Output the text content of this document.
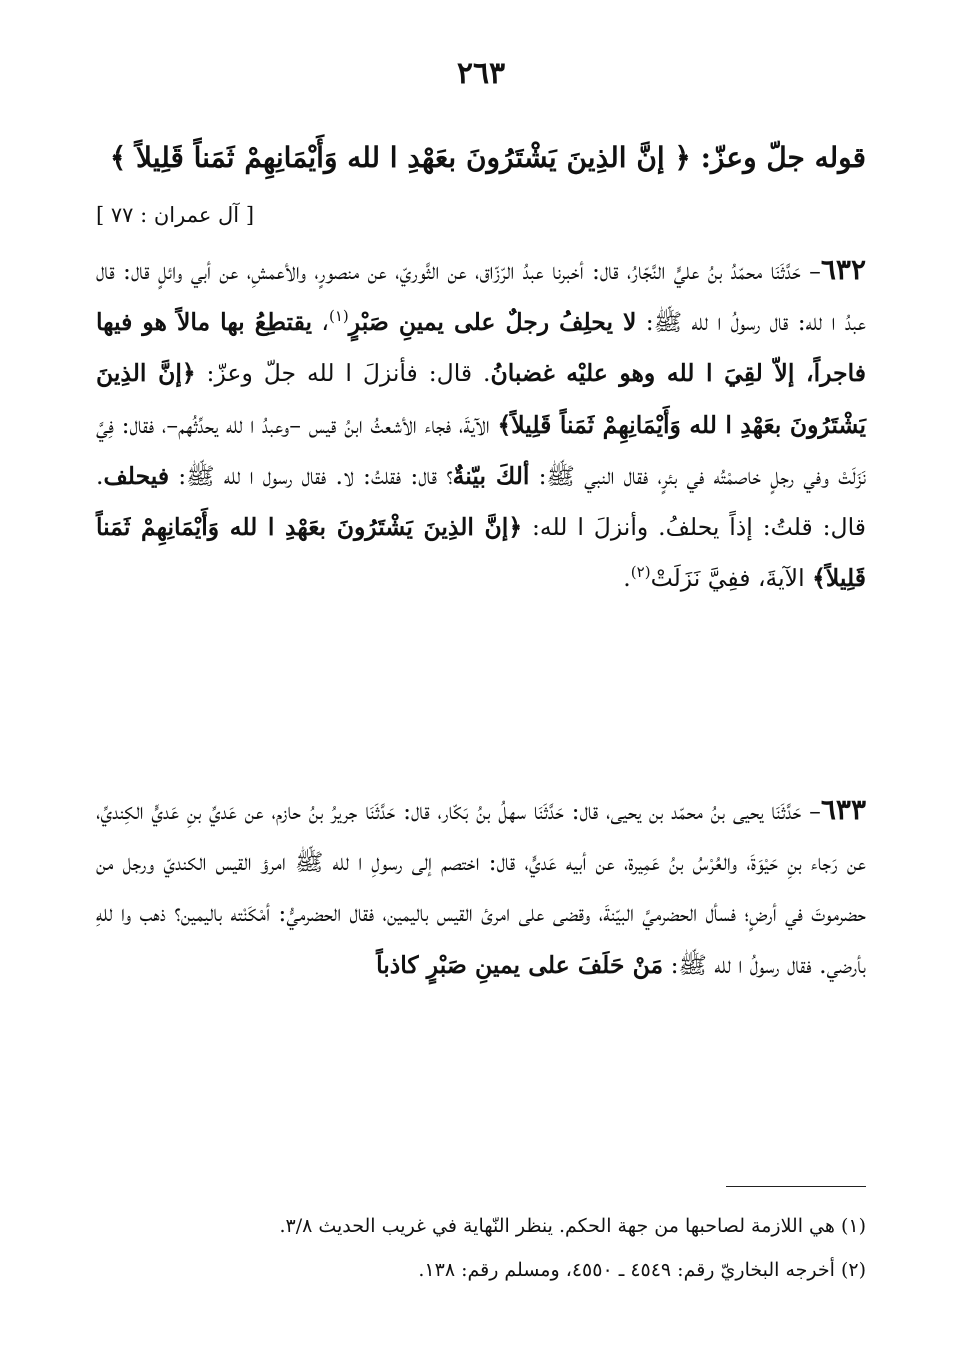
٢٦٣
قوله جلّ وعزّ: ﴿ إنَّ الذِينَ يَشْتَرُونَ بعَهْدِ ا لله وَأَيْمَانِهِمْ ثَمَناً قَلِيلاً ﴾
[ آل عمران : ٧٧ ]
٦٣٢– حَدَّثَنَا محمّدُ بنُ عليٍّ النَّجّارُ، قال: أخبرنا عبدُ الرّزّاق، عن الثَّوريّ، عن منصورٍ، والأعمشِ، عن أبي وائلٍ قال: قال عبدُ ا لله: قال رسولُ ا لله ﷺ: لا يحلِفُ رجلٌ على يمينِ صَبْرٍ$^{(١)}$، يقتطِعُ بها مالاً هو فيها فاجراً، إلاّ لقِيَ ا لله وهو عليْه غضبانُ. قال: فأنزلَ ا لله جلّ وعزّ: ﴿إنَّ الذِينَ يَشْتَرُونَ بعَهْدِ ا لله وَأَيْمَانِهِمْ ثَمَناً قَلِيلاً﴾ الآيةَ، فجاء الأشعثُ ابنُ قيس –وعبدُ ا لله يحدِّثُهم–، فقال: فِيَّ نَزَلَتْ وفي رجلٍ خاصمْتُه في بئرٍ، فقال النبي ﷺ: ألكَ بيّنةٌ؟ قال: فقلتُ: لا. فقال رسول ا لله ﷺ: فيحلف. قال: قلتُ: إذاً يحلفُ. وأنزلَ ا لله: ﴿إنَّ الذِينَ يَشْتَرُونَ بعَهْدِ ا لله وَأَيْمَانِهِمْ ثَمَناً قَلِيلاً﴾ الآيةَ، ففِيَّ نَزَلَتْ$^{(٢)}$.
٦٣٣– حَدَّثَنَا يحيى بنُ محمّد بن يحيى، قال: حَدَّثَنَا سهلُ بنُ بَكّار، قال: حَدَّثَنَا جريرُ بنُ حازم، عن عَديِّ بنِ عَديٍّ الكِنديِّ، عن رَجاء بنِ حَيْوَةَ، والعُرْسُ بنُ عَمِيرة، عن أبيه عَديٍّ، قال: اختصم إلى رسولِ ا لله ﷺ امرؤ القيس الكنديّ ورجل من حضرموتَ في أرضٍ؛ فسأل الحضرميَّ البيّنةَ، وقضى على امرئ القيس باليمين، فقال الحضرميُّ: أمْكَنْته باليمين؟ ذهب وا للهِ بأرضي. فقال رسولُ ا لله ﷺ: مَنْ حَلَفَ على يمينِ صَبْرٍ كاذباً
(١) هي اللازمة لصاحبها من جهة الحكم. ينظر النّهاية في غريب الحديث ٣/٨.
(٢) أخرجه البخاريّ رقم: ٤٥٤٩ ـ ٤٥٥٠، ومسلم رقم: ١٣٨.
